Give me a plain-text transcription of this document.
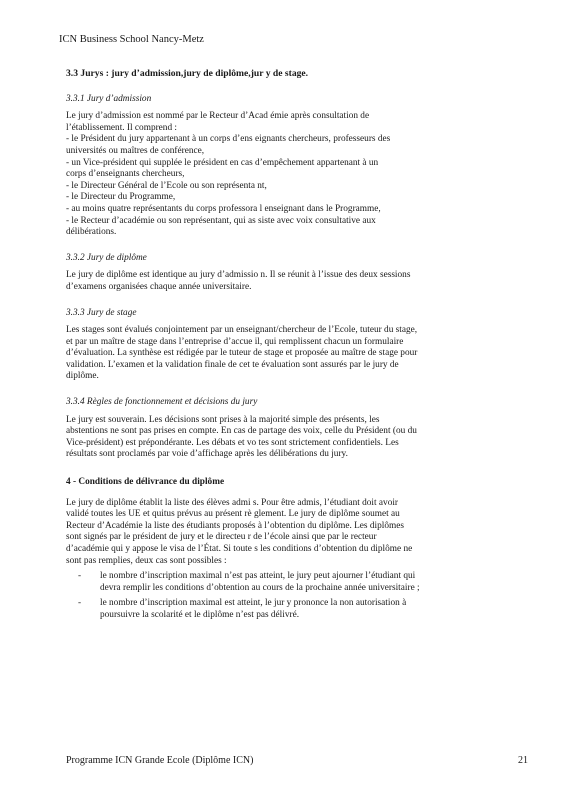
ICN Business School Nancy-Metz
3.3 Jurys : jury d’admission,jury de diplôme,jur y de stage.
3.3.1 Jury d’admission
Le jury d’admission est nommé par le Recteur d’Acad émie après consultation de
l’établissement. Il comprend :
- le Président du jury appartenant à un corps d’ens eignants chercheurs, professeurs des
universités ou maîtres de conférence,
- un Vice-président qui supplée le président en cas d’empêchement appartenant à un
corps d’enseignants chercheurs,
- le Directeur Général de l’Ecole ou son représenta nt,
- le Directeur du Programme,
- au moins quatre représentants du corps professora l enseignant dans le Programme,
- le Recteur d’académie ou son représentant, qui as siste avec voix consultative aux
délibérations.
3.3.2 Jury de diplôme
Le jury de diplôme est identique au jury d’admissio n. Il se réunit à l’issue des deux sessions
d’examens organisées chaque année universitaire.
3.3.3 Jury de stage
Les stages sont évalués conjointement par un enseignant/chercheur de l’Ecole, tuteur du stage,
et par un maître de stage dans l’entreprise d’accue il, qui remplissent chacun un formulaire
d’évaluation. La synthèse est rédigée par le tuteur de stage et proposée au maître de stage pour
validation. L’examen et la validation finale de cet te évaluation sont assurés par le jury de
diplôme.
3.3.4 Règles de fonctionnement et décisions du jury
Le jury est souverain. Les décisions sont prises à la majorité simple des présents, les
abstentions ne sont pas prises en compte. En cas de partage des voix, celle du Président (ou du
Vice-président) est prépondérante. Les débats et vo tes sont strictement confidentiels. Les
résultats sont proclamés par voie d’affichage après les délibérations du jury.
4 - Conditions de délivrance du diplôme
Le jury de diplôme établit la liste des élèves admi s. Pour être admis, l’étudiant doit avoir
validé toutes les UE et quitus prévus au présent rè glement. Le jury de diplôme soumet au
Recteur d’Académie la liste des étudiants proposés à l’obtention du diplôme. Les diplômes
sont signés par le président de jury et le directeu r de l’école ainsi que par le recteur
d’académie qui y appose le visa de l’État. Si toute s les conditions d’obtention du diplôme ne
sont pas remplies, deux cas sont possibles :
- le nombre d’inscription maximal n’est pas atteint, le jury peut ajourner l’étudiant qui
devra remplir les conditions d’obtention au cours de la prochaine année universitaire ;
- le nombre d’inscription maximal est atteint, le jur y prononce la non autorisation à
poursuivre la scolarité et le diplôme n’est pas délivré.
Programme ICN Grande Ecole (Diplôme ICN)	21
